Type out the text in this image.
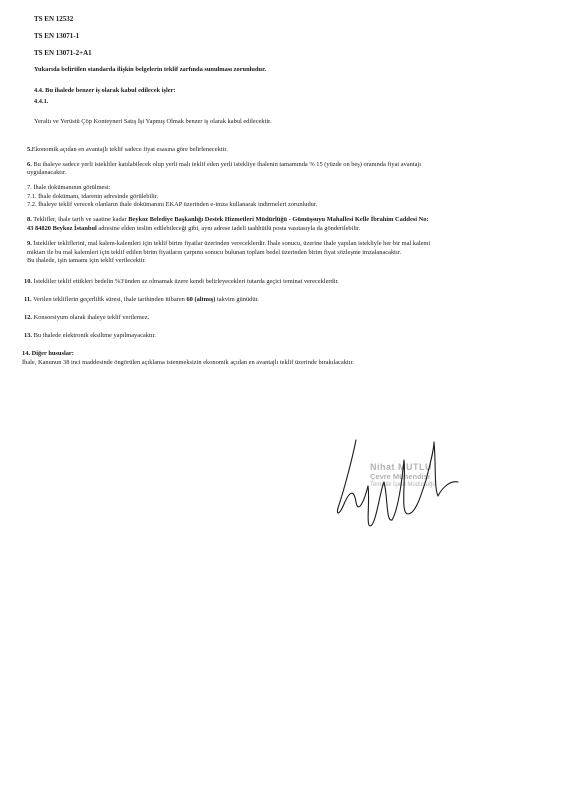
TS EN 12532
TS EN 13071-1
TS EN 13071-2+A1
Yukarıda belirtilen standarda ilişkin belgelerin teklif zarfında sunulması zorunludur.
4.4. Bu ihalede benzer iş olarak kabul edilecek işler:
4.4.1.
Yeraltı ve Yerüstü Çöp Konteyneri Satış İşi Yapmış Olmak benzer iş olarak kabul edilecektir.
5.Ekonomik açıdan en avantajlı teklif sadece fiyat esasına göre belirlenecektir.
6. Bu ihaleye sadece yerli istekliler katılabilecek olup yerli malı teklif eden yerli istekliye ihalenin tamamında % 15 (yüzde on beş) oranında fiyat avantajı
uygulanacaktır.
7. İhale dokümanının görülmesi:
7.1. İhale dokümanı, idarenin adresinde görülebilir.
7.2. İhaleye teklif verecek olanların ihale dokümanını EKAP üzerinden e-imza kullanarak indirmeleri zorunludur.
8. Teklifler, ihale tarih ve saatine kadar Beykoz Belediye Başkanlığı Destek Hizmetleri Müdürlüğü - Gümüşsuyu Mahallesi Kelle İbrahim Caddesi No:
43 84820 Beykoz İstanbul adresine elden teslim edilebileceği gibi, aynı adrese iadeli taahhütlü posta vasıtasıyla da gönderilebilir.
9. İstekliler tekliflerini, mal kalem-kalemleri için teklif birim fiyatlar üzerinden vereceklerdir. İhale sonucu, üzerine ihale yapılan istekliyle her bir mal kalemi
miktarı ile bu mal kalemleri için teklif edilen birim fiyatların çarpımı sonucu bulunan toplam bedel üzerinden birim fiyat sözleşme imzalanacaktır.
Bu ihalede, işin tamamı için teklif verilecektir.
10. İstekliler teklif ettikleri bedelin %3'ünden az olmamak üzere kendi belirleyecekleri tutarda geçici teminat vereceklerdir.
11. Verilen tekliflerin geçerlilik süresi, ihale tarihinden itibaren 60 (altmış) takvim günüdür.
12. Konsorsiyum olarak ihaleye teklif verilemez.
13. Bu ihalede elektronik eksiltme yapılmayacaktır.
14. Diğer hususlar:
İhale, Kanunun 38 inci maddesinde öngörülen açıklama istenmeksizin ekonomik açıdan en avantajlı teklif üzerinde bırakılacaktır.
Nihat MUTLU
Çevre Mühendisi
Temizlik İşleri Müdürlüğü
